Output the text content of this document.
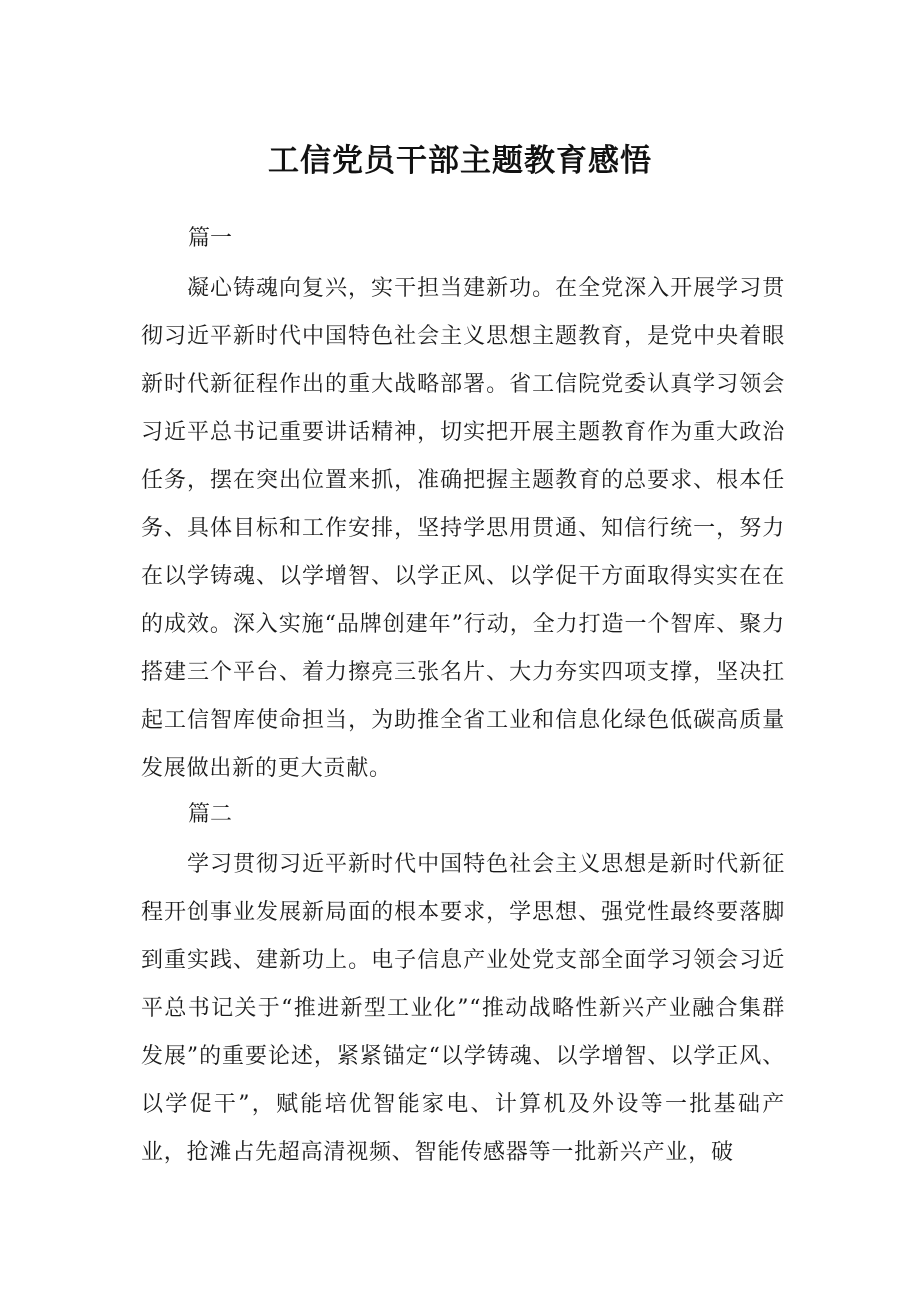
工信党员干部主题教育感悟

篇一

凝心铸魂向复兴，实干担当建新功。在全党深入开展学习贯彻习近平新时代中国特色社会主义思想主题教育，是党中央着眼新时代新征程作出的重大战略部署。省工信院党委认真学习领会习近平总书记重要讲话精神，切实把开展主题教育作为重大政治任务，摆在突出位置来抓，准确把握主题教育的总要求、根本任务、具体目标和工作安排，坚持学思用贯通、知信行统一，努力在以学铸魂、以学增智、以学正风、以学促干方面取得实实在在的成效。深入实施“品牌创建年”行动，全力打造一个智库、聚力搭建三个平台、着力擦亮三张名片、大力夯实四项支撑，坚决扛起工信智库使命担当，为助推全省工业和信息化绿色低碳高质量发展做出新的更大贡献。

篇二

学习贯彻习近平新时代中国特色社会主义思想是新时代新征程开创事业发展新局面的根本要求，学思想、强党性最终要落脚到重实践、建新功上。电子信息产业处党支部全面学习领会习近平总书记关于“推进新型工业化”“推动战略性新兴产业融合集群发展”的重要论述，紧紧锚定“以学铸魂、以学增智、以学正风、以学促干”，赋能培优智能家电、计算机及外设等一批基础产业，抢滩占先超高清视频、智能传感器等一批新兴产业，破
